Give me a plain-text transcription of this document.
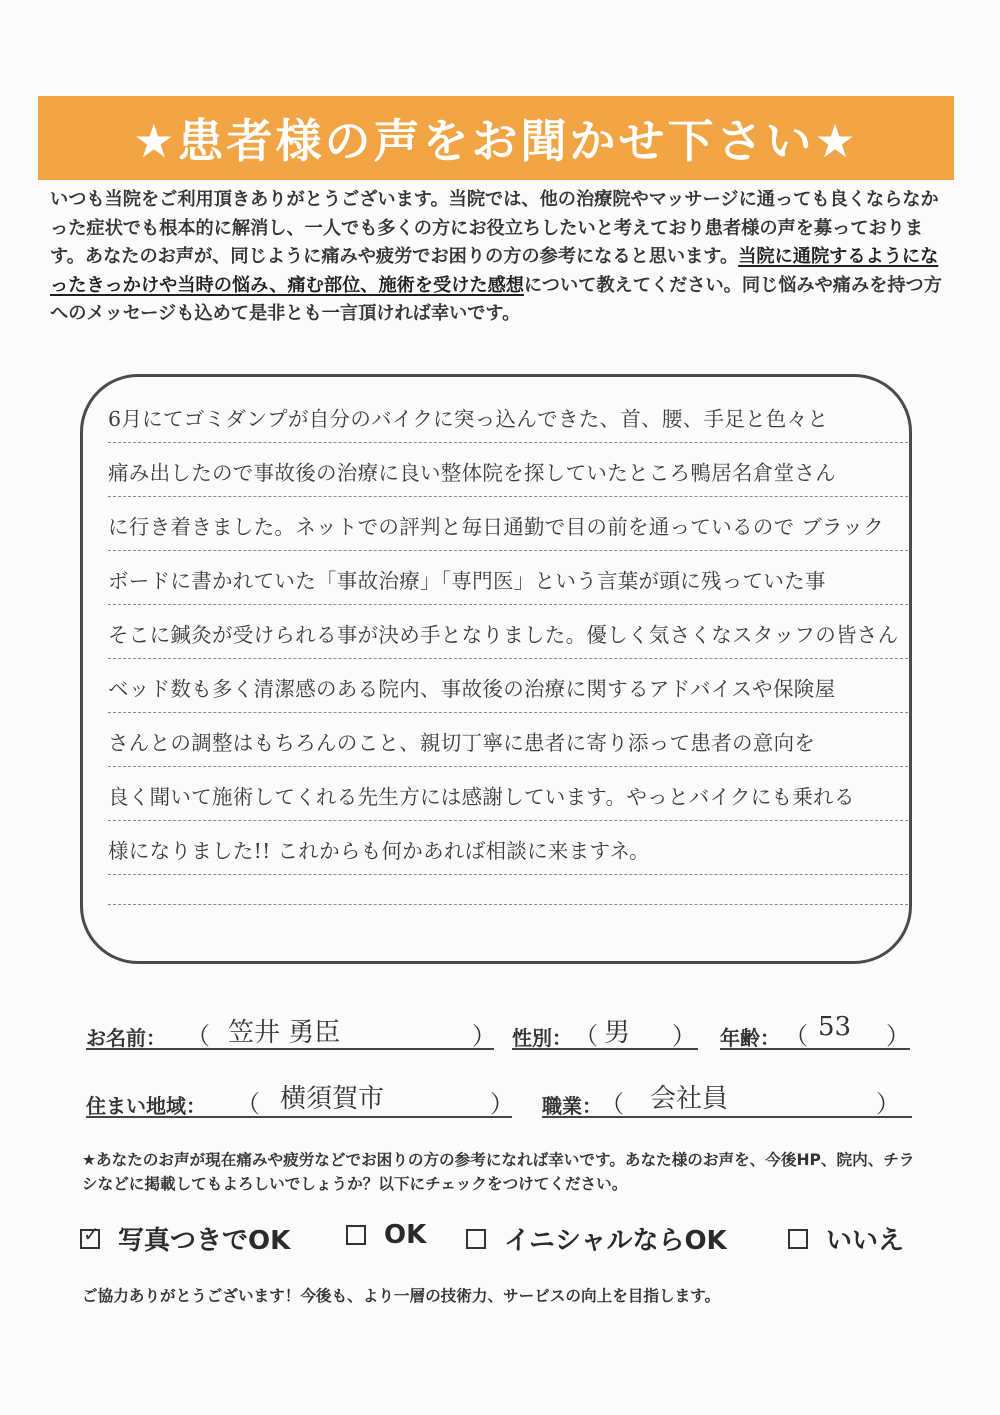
★患者様の声をお聞かせ下さい★
いつも当院をご利用頂きありがとうございます。当院では、他の治療院やマッサージに通っても良くならなかった症状でも根本的に解消し、一人でも多くの方にお役立ちしたいと考えており患者様の声を募っております。あなたのお声が、同じように痛みや疲労でお困りの方の参考になると思います。当院に通院するようになったきっかけや当時の悩み、痛む部位、施術を受けた感想について教えてください。同じ悩みや痛みを持つ方へのメッセージも込めて是非とも一言頂ければ幸いです。
6月にてゴミダンプが自分のバイクに突っ込んできた、首、腰、手足と色々と
痛み出したので事故後の治療に良い整体院を探していたところ鴨居名倉堂さん
に行き着きました。ネットでの評判と毎日通勤で目の前を通っているので ブラック
ボードに書かれていた「事故治療」「専門医」という言葉が頭に残っていた事
そこに鍼灸が受けられる事が決め手となりました。優しく気さくなスタッフの皆さん
ベッド数も多く清潔感のある院内、事故後の治療に関するアドバイスや保険屋
さんとの調整はもちろんのこと、親切丁寧に患者に寄り添って患者の意向を
良く聞いて施術してくれる先生方には感謝しています。やっとバイクにも乗れる
様になりました!! これからも何かあれば相談に来ますネ。
お名前： （ 笠井 勇臣	） 性別： （ 男 ） 年齢： （ 53 ）
住まい地域： （ 横須賀市	） 職業：
（ 会社員	）
★あなたのお声が現在痛みや疲労などでお困りの方の参考になれば幸いです。あなた様のお声を、今後HP、院内、チラシなどに掲載してもよろしいでしょうか？以下にチェックをつけてください。
✓ 写真つきでOK	OK	イニシャルならOK	いいえ
ご協力ありがとうございます！今後も、より一層の技術力、サービスの向上を目指します。
